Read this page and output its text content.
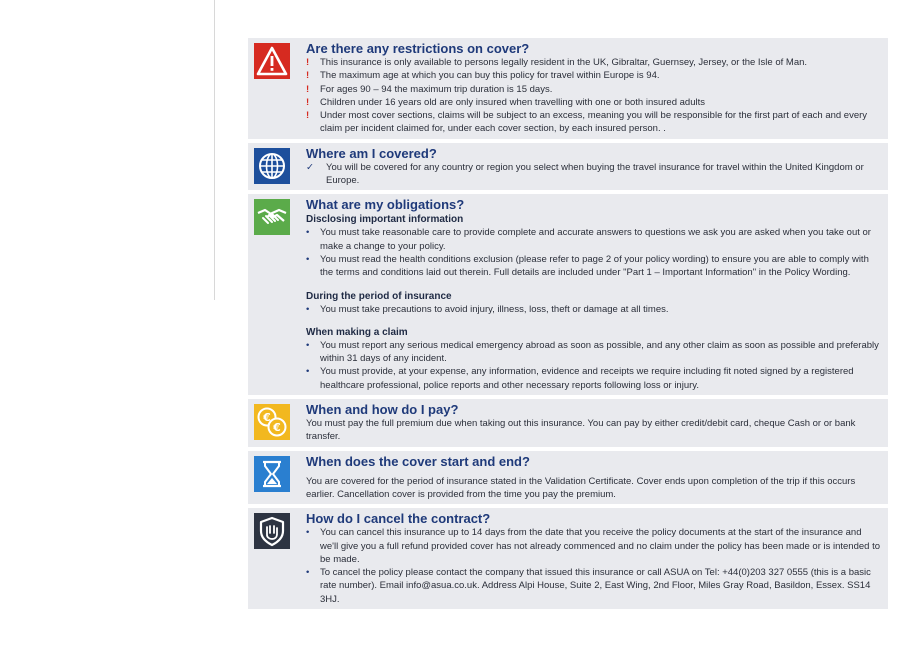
Are there any restrictions on cover?
!	This insurance is only available to persons legally resident in the UK, Gibraltar, Guernsey, Jersey, or the Isle of Man.
!	The maximum age at which you can buy this policy for travel within Europe is 94.
!	For ages 90 – 94 the maximum trip duration is 15 days.
!	Children under 16 years old are only insured when travelling with one or both insured adults
!	Under most cover sections, claims will be subject to an excess, meaning you will be responsible for the first part of each and every claim per incident claimed for, under each cover section, by each insured person. .
Where am I covered?
✓	You will be covered for any country or region you select when buying the travel insurance for travel within the United Kingdom or Europe.
What are my obligations?
Disclosing important information
•	You must take reasonable care to provide complete and accurate answers to questions we ask you are asked when you take out or make a change to your policy.
•	You must read the health conditions exclusion (please refer to page 2 of your policy wording) to ensure you are able to comply with the terms and conditions laid out therein. Full details are included under "Part 1 – Important Information" in the Policy Wording.
During the period of insurance
•	You must take precautions to avoid injury, illness, loss, theft or damage at all times.
When making a claim
•	You must report any serious medical emergency abroad as soon as possible, and any other claim as soon as possible and preferably within 31 days of any incident.
•	You must provide, at your expense, any information, evidence and receipts we require including fit noted signed by a registered healthcare professional, police reports and other necessary reports following loss or injury.
€
€
When and how do I pay?
You must pay the full premium due when taking out this insurance. You can pay by either credit/debit card, cheque Cash or or bank transfer.
When does the cover start and end?
You are covered for the period of insurance stated in the Validation Certificate. Cover ends upon completion of the trip if this occurs earlier. Cancellation cover is provided from the time you pay the premium.
How do I cancel the contract?
•	You can cancel this insurance up to 14 days from the date that you receive the policy documents at the start of the insurance and we'll give you a full refund provided cover has not already commenced and no claim under the policy has been made or is intended to be made.
•	To cancel the policy please contact the company that issued this insurance or call ASUA on Tel: +44(0)203 327 0555 (this is a basic rate number). Email info@asua.co.uk. Address Alpi House, Suite 2, East Wing, 2nd Floor, Miles Gray Road, Basildon, Essex. SS14 3HJ.
